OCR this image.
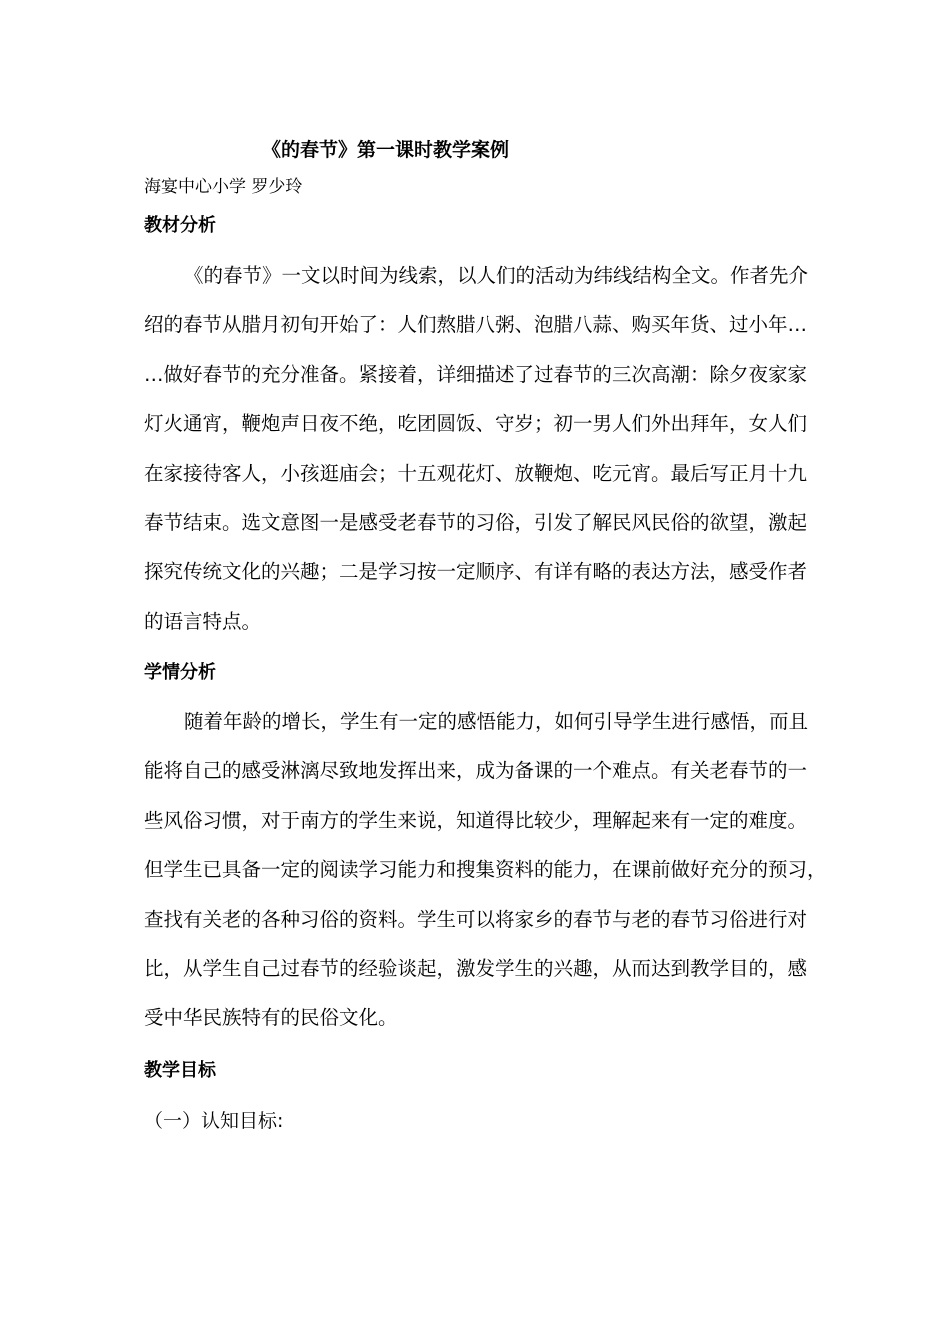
《的春节》第一课时教学案例
海宴中心小学 罗少玲
教材分析
《的春节》一文以时间为线索，以人们的活动为纬线结构全文。作者先介
绍的春节从腊月初旬开始了：人们熬腊八粥、泡腊八蒜、购买年货、过小年…
…做好春节的充分准备。紧接着，详细描述了过春节的三次高潮：除夕夜家家
灯火通宵，鞭炮声日夜不绝，吃团圆饭、守岁；初一男人们外出拜年，女人们
在家接待客人，小孩逛庙会；十五观花灯、放鞭炮、吃元宵。最后写正月十九
春节结束。选文意图一是感受老春节的习俗，引发了解民风民俗的欲望，激起
探究传统文化的兴趣；二是学习按一定顺序、有详有略的表达方法，感受作者
的语言特点。
学情分析
随着年龄的增长，学生有一定的感悟能力，如何引导学生进行感悟，而且
能将自己的感受淋漓尽致地发挥出来，成为备课的一个难点。有关老春节的一
些风俗习惯，对于南方的学生来说，知道得比较少，理解起来有一定的难度。
但学生已具备一定的阅读学习能力和搜集资料的能力，在课前做好充分的预习，
查找有关老的各种习俗的资料。学生可以将家乡的春节与老的春节习俗进行对
比，从学生自己过春节的经验谈起，激发学生的兴趣，从而达到教学目的，感
受中华民族特有的民俗文化。
教学目标
（一）认知目标:
